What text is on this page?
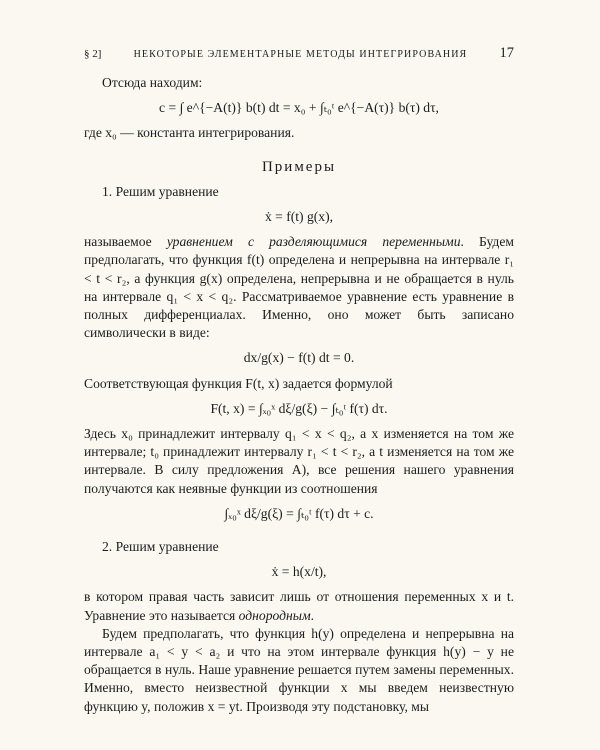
§ 2]	НЕКОТОРЫЕ ЭЛЕМЕНТАРНЫЕ МЕТОДЫ ИНТЕГРИРОВАНИЯ 17

Отсюда находим:

c = ∫ e^{−A(t)} b(t) dt = x₀ + ∫ₜ₀ᵗ e^{−A(τ)} b(τ) dτ,

где x₀ — константа интегрирования.

Примеры

1. Решим уравнение

ẋ = f(t) g(x),

называемое уравнением с разделяющимися переменными. Будем предполагать, что функция f(t) определена и непрерывна на интервале r₁ < t < r₂, а функция g(x) определена, непрерывна и не обращается в нуль на интервале q₁ < x < q₂. Рассматриваемое уравнение есть уравнение в полных дифференциалах. Именно, оно может быть записано символически в виде:

dx/g(x) − f(t) dt = 0.

Соответствующая функция F(t, x) задается формулой

F(t, x) = ∫ₓ₀ˣ dξ/g(ξ) − ∫ₜ₀ᵗ f(τ) dτ.

Здесь x₀ принадлежит интервалу q₁ < x < q₂, а x изменяется на том же интервале; t₀ принадлежит интервалу r₁ < t < r₂, а t изменяется на том же интервале. В силу предложения А), все решения нашего уравнения получаются как неявные функции из соотношения

∫ₓ₀ˣ dξ/g(ξ) = ∫ₜ₀ᵗ f(τ) dτ + c.

2. Решим уравнение

ẋ = h(x/t),

в котором правая часть зависит лишь от отношения переменных x и t. Уравнение это называется однородным.

Будем предполагать, что функция h(y) определена и непрерывна на интервале a₁ < y < a₂ и что на этом интервале функция h(y) − y не обращается в нуль. Наше уравнение решается путем замены переменных. Именно, вместо неизвестной функции x мы введем неизвестную функцию y, положив x = yt. Производя эту подстановку, мы
